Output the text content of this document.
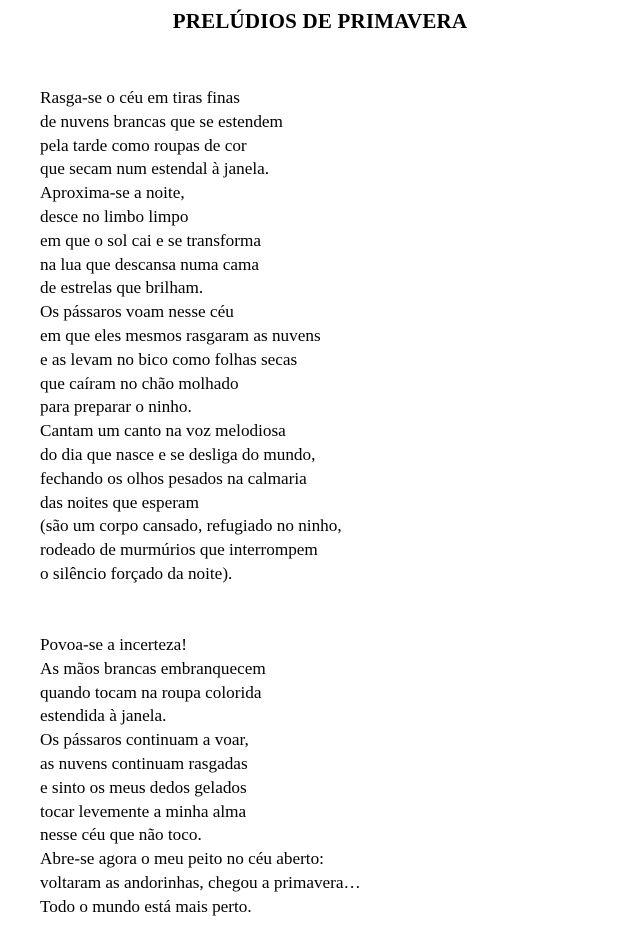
PRELÚDIOS DE PRIMAVERA
Rasga-se o céu em tiras finas
de nuvens brancas que se estendem
pela tarde como roupas de cor
que secam num estendal à janela.
Aproxima-se a noite,
desce no limbo limpo
em que o sol cai e se transforma
na lua que descansa numa cama
de estrelas que brilham.
Os pássaros voam nesse céu
em que eles mesmos rasgaram as nuvens
e as levam no bico como folhas secas
que caíram no chão molhado
para preparar o ninho.
Cantam um canto na voz melodiosa
do dia que nasce e se desliga do mundo,
fechando os olhos pesados na calmaria
das noites que esperam
(são um corpo cansado, refugiado no ninho,
rodeado de murmúrios que interrompem
o silêncio forçado da noite).
Povoa-se a incerteza!
As mãos brancas embranquecem
quando tocam na roupa colorida
estendida à janela.
Os pássaros continuam a voar,
as nuvens continuam rasgadas
e sinto os meus dedos gelados
tocar levemente a minha alma
nesse céu que não toco.
Abre-se agora o meu peito no céu aberto:
voltaram as andorinhas, chegou a primavera…
Todo o mundo está mais perto.
